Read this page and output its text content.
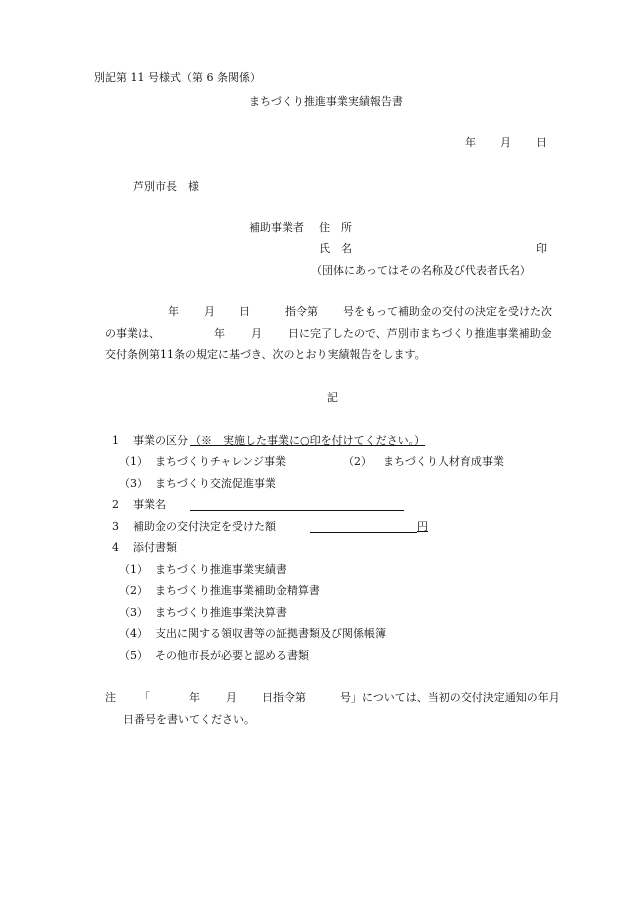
別記第 11 号様式（第 6 条関係）
まちづくり推進事業実績報告書
年 月 日
芦別市長　様
補助事業者 住　所
氏　名	印
（団体にあってはその名称及び代表者氏名）
年 月 日	指令第 号をもって補助金の交付の決定を受けた次
の事業は、	年 月 日に完了したので、芦別市まちづくり推進事業補助金
交付条例第11条の規定に基づき、次のとおり実績報告をします。
記
1 事業の区分 （※　実施した事業に○印を付けてください。）
（1） まちづくりチャレンジ事業	（2） まちづくり人材育成事業
（3） まちづくり交流促進事業
2 事業名
3 補助金の交付決定を受けた額	円
4 添付書類
（1） まちづくり推進事業実績書
（2） まちづくり推進事業補助金精算書
（3） まちづくり推進事業決算書
（4） 支出に関する領収書等の証拠書類及び関係帳簿
（5） その他市長が必要と認める書類
注 「	年 月 日指令第	号」については、当初の交付決定通知の年月
日番号を書いてください。
